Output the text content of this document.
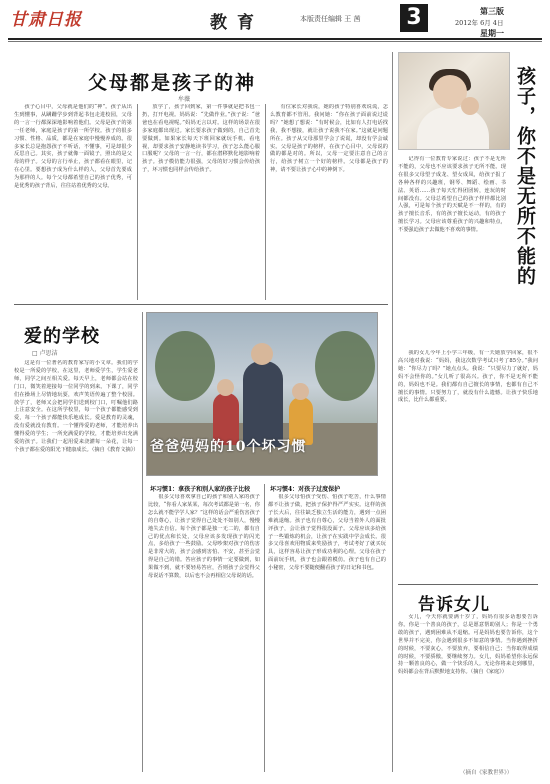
甘肃日报	教育	本版责任编辑 王 茜 3	第三版
2012年 6月 4日
星期一
父母都是孩子的神
牟薇

孩子心目中，父母就是他们的“神”。孩子从出生到懂事，从蹒跚学步到背起书包走进校园，父母的一言一行都深深地影响着他们。父母是孩子的第一任老师，家庭是孩子的第一所学校。孩子的很多习惯、性格、品质，都是在家庭中慢慢养成的。很多家长总是抱怨孩子不听话，不懂事，可是却很少反思自己。其实，孩子就像一面镜子，照出的是父母的样子。父母的言行举止，孩子都看在眼里，记在心里。要想孩子成为什么样的人，父母首先要成为那样的人。每个父母都希望自己的孩子优秀，可是优秀的孩子背后，往往站着优秀的父母。

放学了，孩子回到家，第一件事就是把书包一扔，打开电视。妈妈说：“先做作业。”孩子说：“爸爸也在看电视呢。”妈妈无言以对。这样的场景在很多家庭都出现过。家长要求孩子做到的，自己首先要做到。如果家长每天下班回家就玩手机、看电视，却要求孩子安静地读书学习，孩子怎么能心服口服呢？父母的一言一行，都在潜移默化地影响着孩子。孩子模仿能力很强，父母的好习惯会传给孩子，坏习惯也同样会传给孩子。

有位家长对我说，她的孩子特别喜欢说谎，怎么教育都不管用。我问她：“你在孩子面前说过谎吗？”她想了想说：“有时候会，比如有人打电话找我，我不想接，就让孩子说我不在家。”这就是问题所在。孩子从父母那里学会了说谎，却没有学会诚实。父母是孩子的榜样，在孩子心目中，父母说的做的都是对的。所以，父母一定要注意自己的言行，给孩子树立一个好的榜样。父母都是孩子的神，请不要让孩子心中的神倒下。	孩子，你不是无所不能的

记得有一位教育专家说过：孩子不是无所不能的，父母也不应该要求孩子无所不能。现在很多父母望子成龙、望女成凤，给孩子报了各种各样的兴趣班，钢琴、舞蹈、绘画、书法、英语……孩子每天忙得团团转，连玩的时间都没有。父母总希望自己的孩子样样都比别人强，可是每个孩子的天赋是不一样的，有的孩子擅长音乐，有的孩子擅长运动，有的孩子擅长学习。父母应该尊重孩子的兴趣和特点，不要强迫孩子去做他不喜欢的事情。

我的女儿今年上小学三年级，有一天她放学回家，很不高兴地对我说：“妈妈，我这次数学考试只考了85分。”我问她：“你尽力了吗？”她点点头。我说：“只要尽力了就好，妈妈不会怪你的。”女儿听了很高兴。孩子，你不是无所不能的，妈妈也不是。我们都有自己擅长的事情，也都有自己不擅长的事情。只要努力了，就没有什么遗憾。让孩子快乐地成长，比什么都重要。

爱的学校
□ 卢思洁

这是有一位著名的教育家写的小文章。我们的学校是一所爱的学校，在这里，老师爱学生，学生爱老师，同学之间互相关爱。每天早上，老师都会站在校门口，微笑着迎接每一位同学的到来。下课了，同学们在操场上尽情地玩耍，欢声笑语传遍了整个校园。放学了，老师又会把同学们送到校门口，叮嘱他们路上注意安全。在这所学校里，每一个孩子都能感受到爱，每一个孩子都能快乐地成长。爱是教育的灵魂，没有爱就没有教育。一个懂得爱的老师，才能培养出懂得爱的学生；一所充满爱的学校，才能培养出充满爱的孩子。让我们一起用爱来浇灌每一朵花，让每一个孩子都在爱的阳光下健康成长。（摘自《教育文摘》） 爸爸妈妈的10个坏习惯
坏习惯1：拿孩子和别人家的孩子比较

很多父母喜欢拿自己的孩子和别人家的孩子比较，“你看人家某某，每次考试都是第一名，你怎么就不能学学人家？”这样的话会严重伤害孩子的自尊心，让孩子觉得自己处处不如别人，慢慢地失去自信。每个孩子都是独一无二的，都有自己的优点和长处，父母应该多发现孩子的闪光点，多给孩子一些鼓励。父母吵架对孩子的伤害是非常大的，孩子会感到害怕、不安，甚至会觉得是自己的错。答应孩子的事情一定要做到，如果做不到，就不要轻易答应，否则孩子会觉得父母说话不算数，以后也不会再相信父母说的话。

坏习惯4：对孩子过度保护

很多父母怕孩子受伤、怕孩子吃苦，什么事情都不让孩子做，把孩子保护得严严实实。这样的孩子长大后，往往缺乏独立生活的能力，遇到一点困难就退缩。孩子也有自尊心，父母当着外人的面批评孩子，会让孩子觉得很没面子。父母应该多给孩子一些锻炼的机会，让孩子在实践中学会成长。很多父母喜欢用物质来奖励孩子，考试考好了就买玩具，这样容易让孩子形成功利的心理。父母在孩子面前玩手机，孩子也会跟着模仿。孩子也有自己的小秘密，父母不要随便翻看孩子的日记和书包。

告诉女儿

女儿，今天你就要满十岁了，妈妈有很多话想要告诉你。你是一个善良的孩子，总是愿意帮助别人；你是一个勇敢的孩子，遇到困难从不退缩。可是妈妈也要告诉你，这个世界并不完美，你会遇到很多不如意的事情。当你遇到挫折的时候，不要灰心，不要放弃，要相信自己；当你取得成绩的时候，不要骄傲，要继续努力。女儿，妈妈希望你永远保持一颗善良的心，做一个快乐的人。无论你将来走到哪里，妈妈都会在背后默默地支持你。（摘自《家庭》）

（摘自《家教世界》）
